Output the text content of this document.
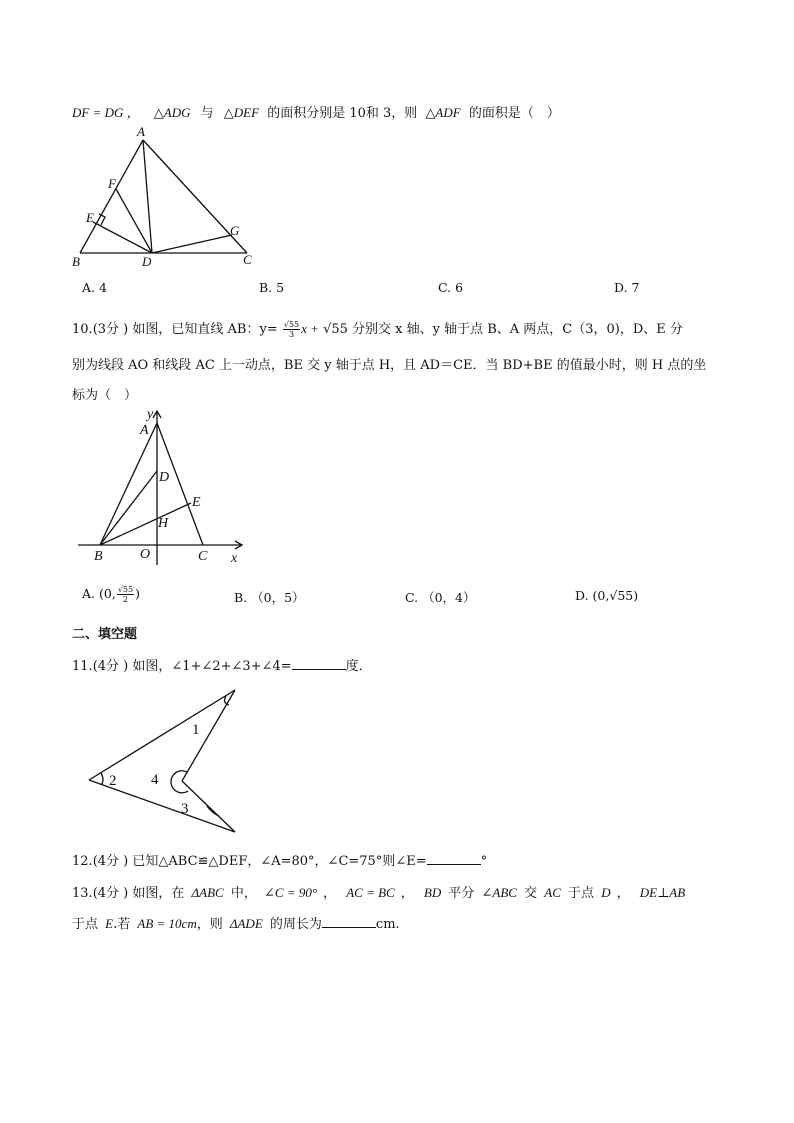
DF = DG ， △ADG 与 △DEF 的面积分别是 10和 3，则 △ADF 的面积是（　）
A
F
E
G
B	D	C
A. 4	B. 5	C. 6	D. 7
10.(3分 ) 如图，已知直线 AB：$y= \frac{√55}{3}$ x + √55 分别交 x 轴、y 轴于点 B、A 两点，C（3，0)，D、E 分
别为线段 AO 和线段 AC 上一动点，BE 交 y 轴于点 H，且 AD＝CE．当 BD+BE 的值最小时，则 H 点的坐
标为（　）
y
A
D
E
H
B	O	C x
A. (0, $\frac{√55}{2}$ )	B. （0，5）	C. （0，4）	D. (0,√55)
二、填空题
11.(4分 ) 如图，∠1+∠2+∠3+∠4=	度．
1
2 4
3
12.(4分 ) 已知△ABC≌△DEF，∠A=80°，∠C=75°则∠E=	°
13.(4分 ) 如图，在 ΔABC 中， ∠C = 90° ， AC = BC ， BD 平分 ∠ABC 交 AC 于点 D ， DE⊥AB
于点 E.若 AB = 10cm，则 ΔADE 的周长为	cm.
